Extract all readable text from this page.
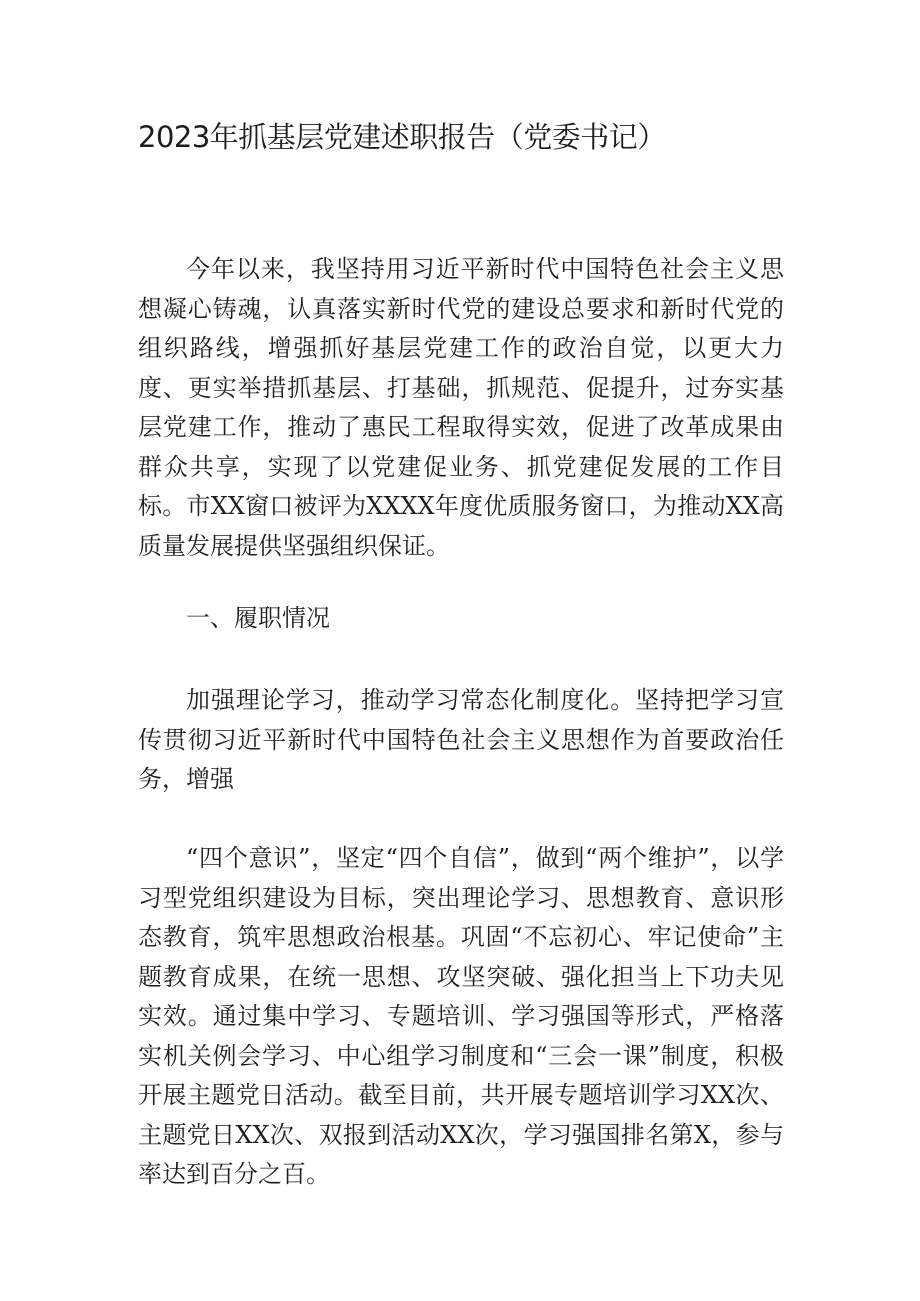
2023年抓基层党建述职报告（党委书记）

今年以来，我坚持用习近平新时代中国特色社会主义思想凝心铸魂，认真落实新时代党的建设总要求和新时代党的组织路线，增强抓好基层党建工作的政治自觉，以更大力度、更实举措抓基层、打基础，抓规范、促提升，过夯实基层党建工作，推动了惠民工程取得实效，促进了改革成果由群众共享，实现了以党建促业务、抓党建促发展的工作目标。市XX窗口被评为XXXX年度优质服务窗口，为推动XX高质量发展提供坚强组织保证。

一、履职情况

加强理论学习，推动学习常态化制度化。坚持把学习宣传贯彻习近平新时代中国特色社会主义思想作为首要政治任务，增强

“四个意识”，坚定“四个自信”，做到“两个维护”，以学习型党组织建设为目标，突出理论学习、思想教育、意识形态教育，筑牢思想政治根基。巩固“不忘初心、牢记使命”主题教育成果，在统一思想、攻坚突破、强化担当上下功夫见实效。通过集中学习、专题培训、学习强国等形式，严格落实机关例会学习、中心组学习制度和“三会一课”制度，积极开展主题党日活动。截至目前，共开展专题培训学习XX次、主题党日XX次、双报到活动XX次，学习强国排名第X，参与率达到百分之百。
